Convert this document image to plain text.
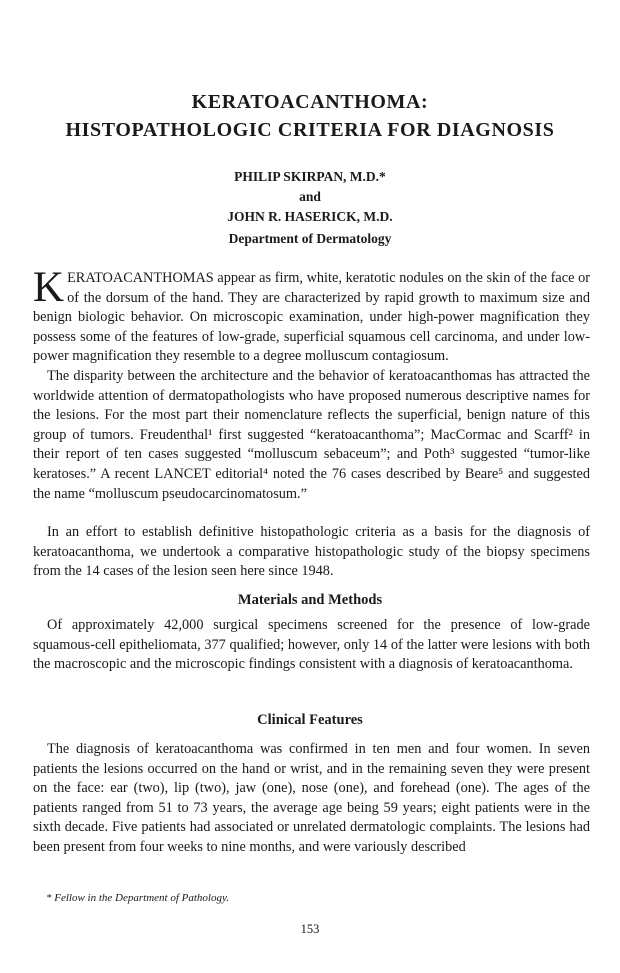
KERATOACANTHOMA:
HISTOPATHOLOGIC CRITERIA FOR DIAGNOSIS
PHILIP SKIRPAN, M.D.*
and
JOHN R. HASERICK, M.D.
Department of Dermatology
KERATOACANTHOMAS appear as firm, white, keratotic nodules on the skin of the face or of the dorsum of the hand. They are characterized by rapid growth to maximum size and benign biologic behavior. On microscopic examination, under high-power magnification they possess some of the features of low-grade, superficial squamous cell carcinoma, and under low-power magnification they resemble to a degree molluscum contagiosum.
The disparity between the architecture and the behavior of keratoacanthomas has attracted the worldwide attention of dermatopathologists who have proposed numerous descriptive names for the lesions. For the most part their nomenclature reflects the superficial, benign nature of this group of tumors. Freudenthal¹ first suggested “keratoacanthoma”; MacCormac and Scarff² in their report of ten cases suggested “molluscum sebaceum”; and Poth³ suggested “tumor-like keratoses.” A recent LANCET editorial⁴ noted the 76 cases described by Beare⁵ and suggested the name “molluscum pseudocarcinomatosum.”
In an effort to establish definitive histopathologic criteria as a basis for the diagnosis of keratoacanthoma, we undertook a comparative histopathologic study of the biopsy specimens from the 14 cases of the lesion seen here since 1948.
Materials and Methods
Of approximately 42,000 surgical specimens screened for the presence of low-grade squamous-cell epitheliomata, 377 qualified; however, only 14 of the latter were lesions with both the macroscopic and the microscopic findings consistent with a diagnosis of keratoacanthoma.
Clinical Features
The diagnosis of keratoacanthoma was confirmed in ten men and four women. In seven patients the lesions occurred on the hand or wrist, and in the remaining seven they were present on the face: ear (two), lip (two), jaw (one), nose (one), and forehead (one). The ages of the patients ranged from 51 to 73 years, the average age being 59 years; eight patients were in the sixth decade. Five patients had associated or unrelated dermatologic complaints. The lesions had been present from four weeks to nine months, and were variously described
* Fellow in the Department of Pathology.
153
